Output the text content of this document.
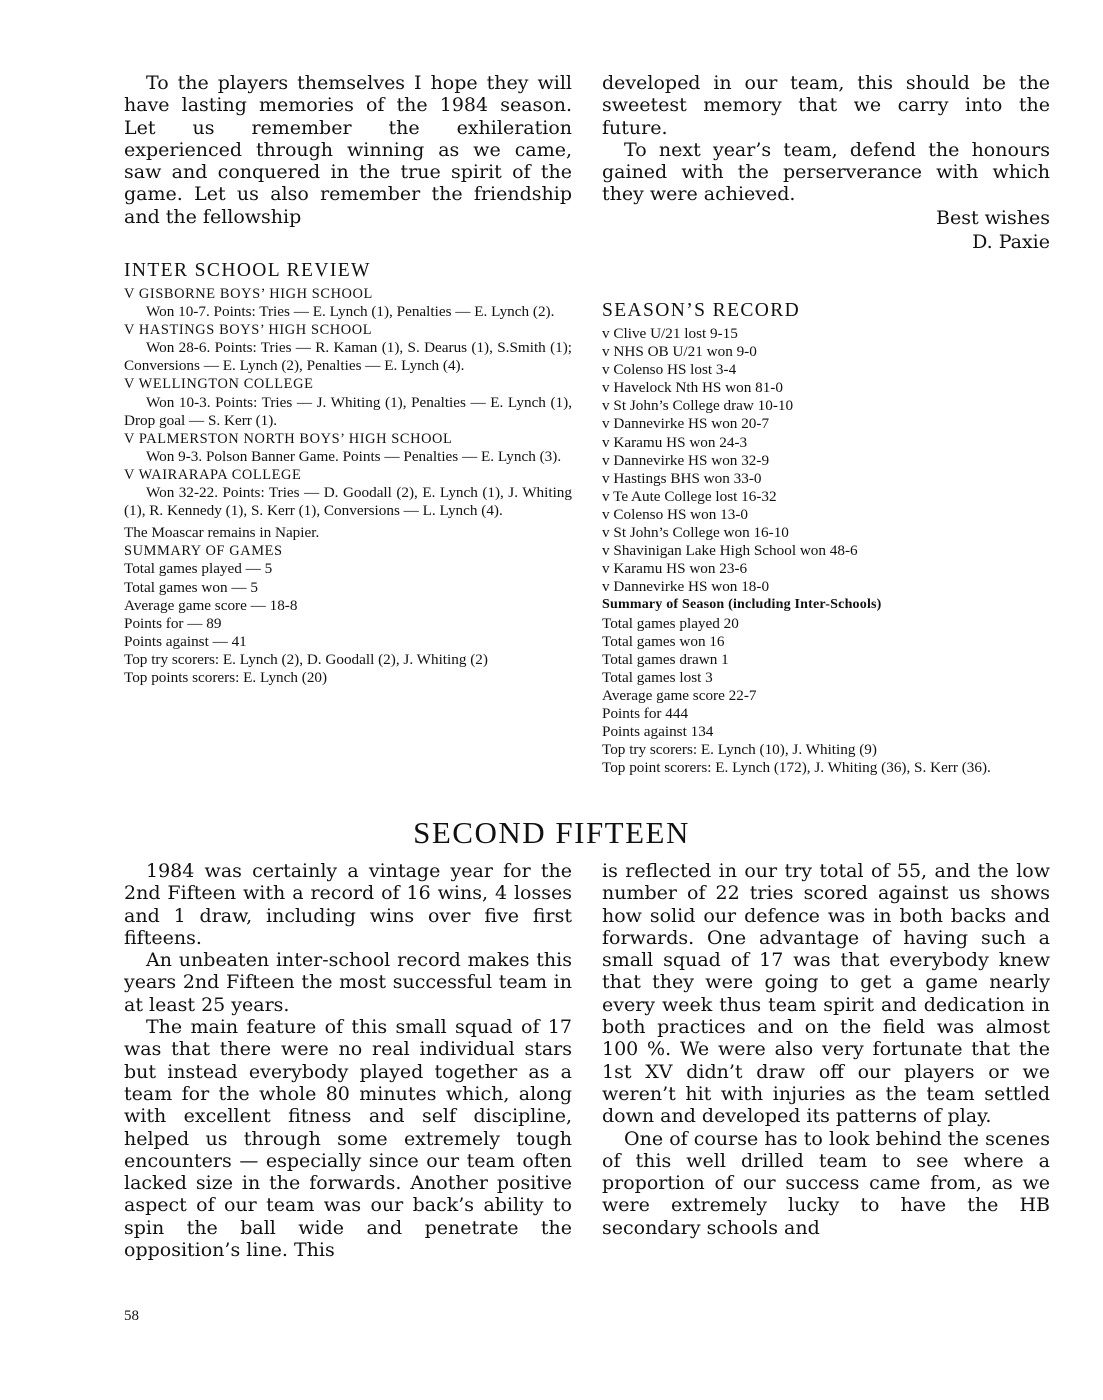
To the players themselves I hope they will have lasting memories of the 1984 season. Let us remember the exhileration experienced through winning as we came, saw and conquered in the true spirit of the game. Let us also remember the friendship and the fellowship

developed in our team, this should be the sweetest memory that we carry into the future.

To next year’s team, defend the honours gained with the perserverance with which they were achieved.

Best wishes

D. Paxie

INTER SCHOOL REVIEW

V GISBORNE BOYS’ HIGH SCHOOL

Won 10-7. Points: Tries — E. Lynch (1), Penalties — E. Lynch (2).

V HASTINGS BOYS’ HIGH SCHOOL

Won 28-6. Points: Tries — R. Kaman (1), S. Dearus (1), S.Smith (1); Conversions — E. Lynch (2), Penalties — E. Lynch (4).

V WELLINGTON COLLEGE

Won 10-3. Points: Tries — J. Whiting (1), Penalties — E. Lynch (1), Drop goal — S. Kerr (1).

V PALMERSTON NORTH BOYS’ HIGH SCHOOL

Won 9-3. Polson Banner Game. Points — Penalties — E. Lynch (3).

V WAIRARAPA COLLEGE

Won 32-22. Points: Tries — D. Goodall (2), E. Lynch (1), J. Whiting (1), R. Kennedy (1), S. Kerr (1), Conversions — L. Lynch (4).

The Moascar remains in Napier.

SUMMARY OF GAMES

Total games played — 5

Total games won — 5

Average game score — 18-8

Points for — 89

Points against — 41

Top try scorers: E. Lynch (2), D. Goodall (2), J. Whiting (2)

Top points scorers: E. Lynch (20)

SEASON’S RECORD

v Clive U/21 lost 9-15

v NHS OB U/21 won 9-0

v Colenso HS lost 3-4

v Havelock Nth HS won 81-0

v St John’s College draw 10-10

v Dannevirke HS won 20-7

v Karamu HS won 24-3

v Dannevirke HS won 32-9

v Hastings BHS won 33-0

v Te Aute College lost 16-32

v Colenso HS won 13-0

v St John’s College won 16-10

v Shavinigan Lake High School won 48-6

v Karamu HS won 23-6

v Dannevirke HS won 18-0

Summary of Season (including Inter-Schools)

Total games played 20

Total games won 16

Total games drawn 1

Total games lost 3

Average game score 22-7

Points for 444

Points against 134

Top try scorers: E. Lynch (10), J. Whiting (9)

Top point scorers: E. Lynch (172), J. Whiting (36), S. Kerr (36).

SECOND FIFTEEN

1984 was certainly a vintage year for the 2nd Fifteen with a record of 16 wins, 4 losses and 1 draw, including wins over five first fifteens.

An unbeaten inter-school record makes this years 2nd Fifteen the most successful team in at least 25 years.

The main feature of this small squad of 17 was that there were no real individual stars but instead everybody played together as a team for the whole 80 minutes which, along with excellent fitness and self discipline, helped us through some extremely tough encounters — especially since our team often lacked size in the forwards. Another positive aspect of our team was our back’s ability to spin the ball wide and penetrate the opposition’s line. This

is reflected in our try total of 55, and the low number of 22 tries scored against us shows how solid our defence was in both backs and forwards. One advantage of having such a small squad of 17 was that everybody knew that they were going to get a game nearly every week thus team spirit and dedication in both practices and on the field was almost 100 %. We were also very fortunate that the 1st XV didn’t draw off our players or we weren’t hit with injuries as the team settled down and developed its patterns of play.

One of course has to look behind the scenes of this well drilled team to see where a proportion of our success came from, as we were extremely lucky to have the HB secondary schools and

58
